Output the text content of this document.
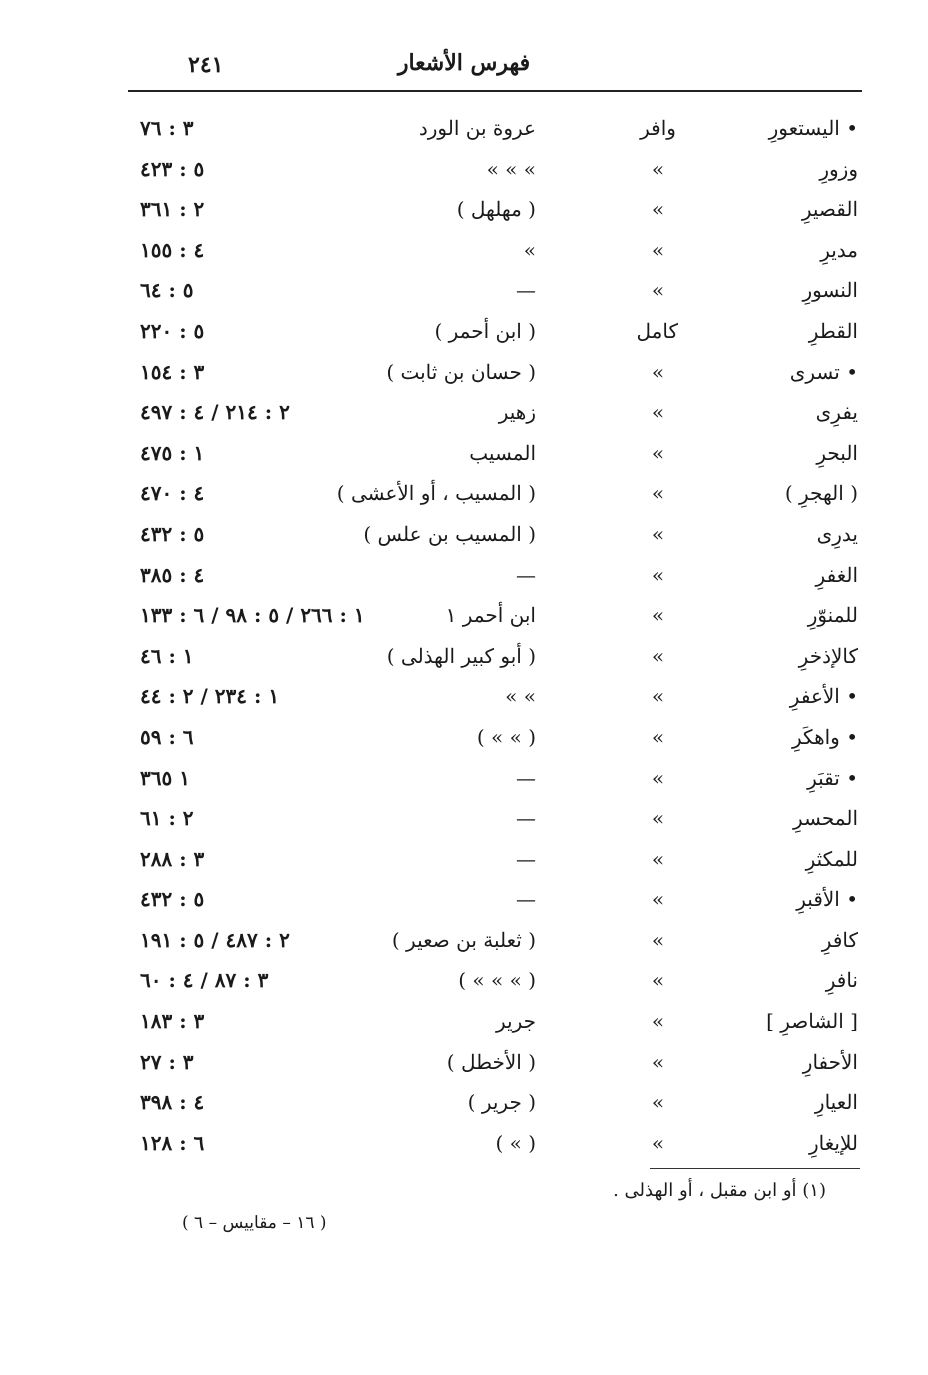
٢٤١	فهرس الأشعار
• اليستعورِ
وافر
عروة بن الورد
٣ : ٧٦
وزورِ
»
» » »
٥ : ٤٢٣
القصيرِ
»
( مهلهل )
٢ : ٣٦١
مديرِ
»
»
٤ : ١٥٥
النسورِ
»
—
٥ : ٦٤
القطرِ
كامل
( ابن أحمر )
٥ : ٢٢٠
• تسرى
»
( حسان بن ثابت )
٣ : ١٥٤
يفرِى
»
زهير
٢ : ٢١٤ / ٤ : ٤٩٧
البحرِ
»
المسيب
١ : ٤٧٥
( الهجرِ )
»
( المسيب ، أو الأعشى )
٤ : ٤٧٠
يدرِى
»
( المسيب بن علس )
٥ : ٤٣٢
الغفرِ
»
—
٤ : ٣٨٥
للمنوّرِ
»
ابن أحمر ١
١ : ٢٦٦ / ٥ : ٩٨ / ٦ : ١٣٣
كالإذخرِ
»
( أبو كبير الهذلى )
١ : ٤٦
• الأعفرِ
»
» »
١ : ٢٣٤ / ٢ : ٤٤
• واهكَرِ
»
( » » )
٦ : ٥٩
• تقبَرِ
»
—
١ ٣٦٥
المحسرِ
»
—
٢ : ٦١
للمكثرِ
»
—
٣ : ٢٨٨
• الأقبرِ
»
—
٥ : ٤٣٢
كافرِ
»
( ثعلبة بن صعير )
٢ : ٤٨٧ / ٥ : ١٩١
نافرِ
»
( » » » )
٣ : ٨٧ / ٤ : ٦٠
[ الشاصرِ ]
»
جرير
٣ : ١٨٣
الأحفارِ
»
( الأخطل )
٣ : ٢٧
العيارِ
»
( جرير )
٤ : ٣٩٨
للإيغارِ
»
( » )
٦ : ١٢٨
(١) أو ابن مقبل ، أو الهذلى .
( ١٦ – مقاييس – ٦ )
